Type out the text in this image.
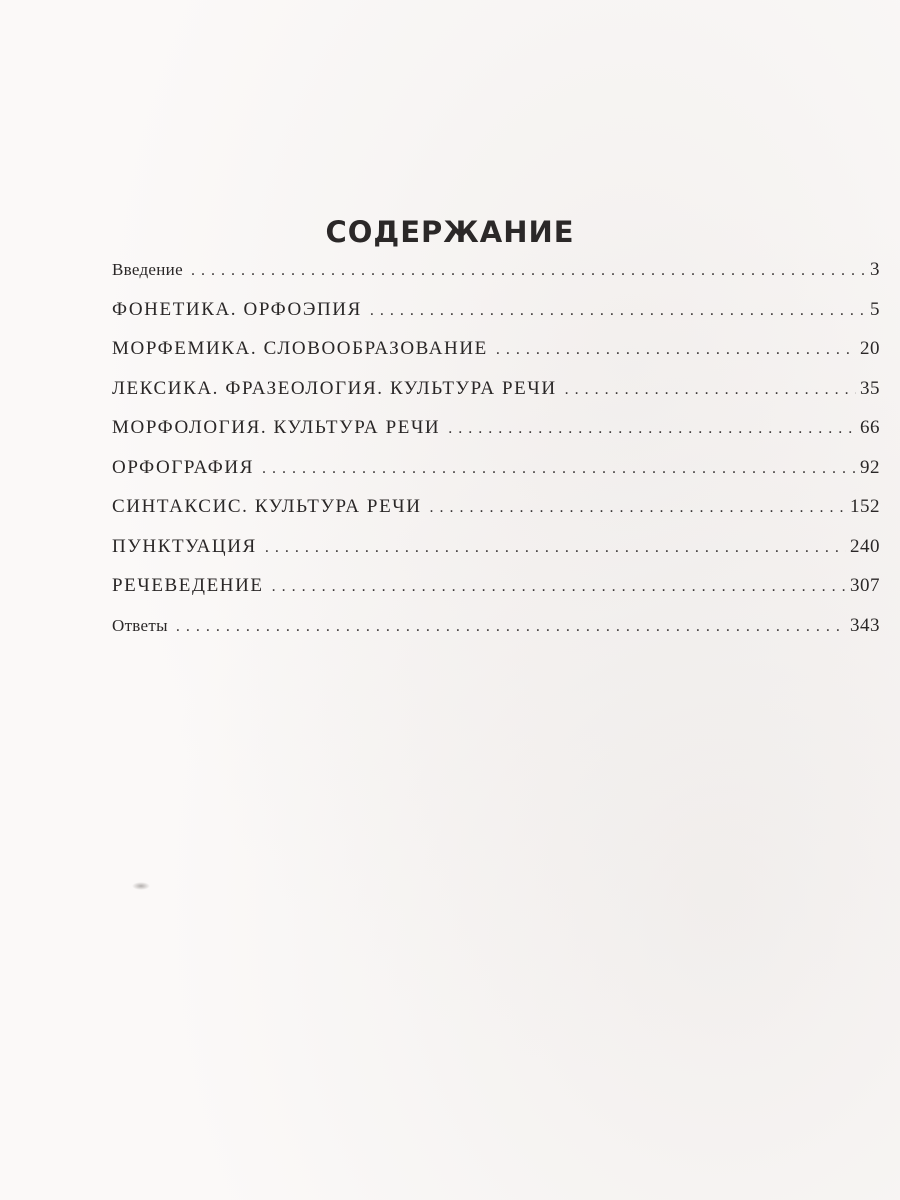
СОДЕРЖАНИЕ
Введение . . .	3
ФОНЕТИКА. ОРФОЭПИЯ . . .	5
МОРФЕМИКА. СЛОВООБРАЗОВАНИЕ . . .	20
ЛЕКСИКА. ФРАЗЕОЛОГИЯ. КУЛЬТУРА РЕЧИ . . .	35
МОРФОЛОГИЯ. КУЛЬТУРА РЕЧИ . . .	66
ОРФОГРАФИЯ . . .	92
СИНТАКСИС. КУЛЬТУРА РЕЧИ . . .	152
ПУНКТУАЦИЯ . . .	240
РЕЧЕВЕДЕНИЕ . . .	307
Ответы . . .	343
